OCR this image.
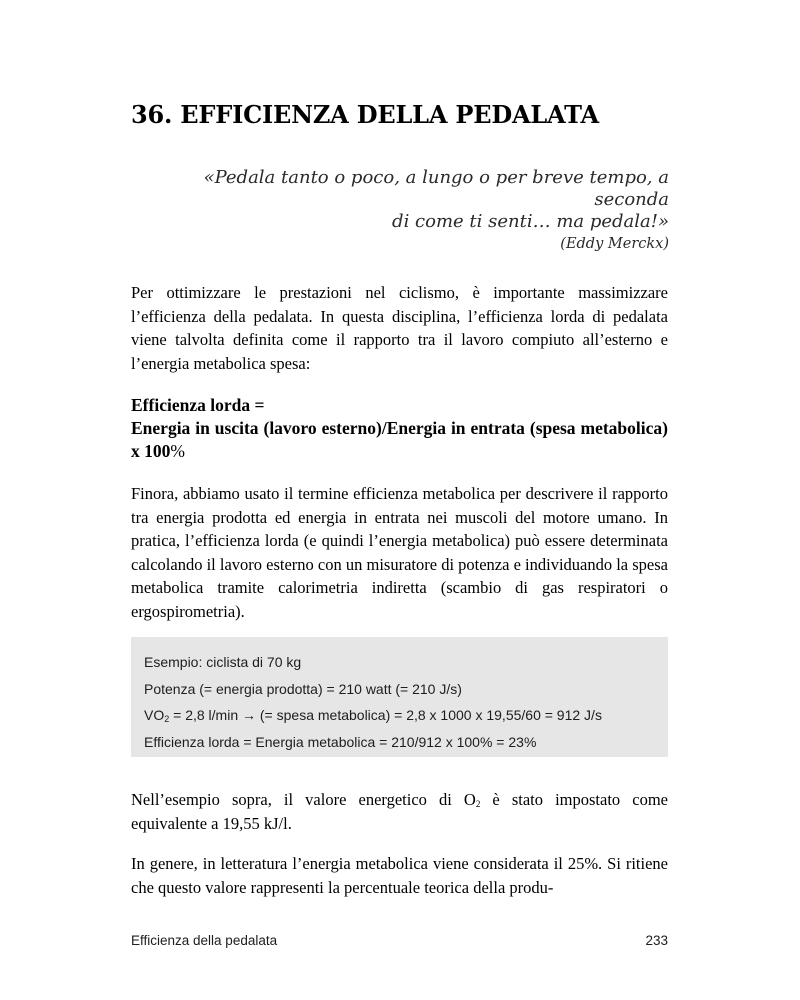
36. EFFICIENZA DELLA PEDALATA
«Pedala tanto o poco, a lungo o per breve tempo, a seconda
di come ti senti… ma pedala!»
(Eddy Merckx)

Per ottimizzare le prestazioni nel ciclismo, è importante massimizzare l’efficienza della pedalata. In questa disciplina, l’efficienza lorda di pedalata viene talvolta definita come il rapporto tra il lavoro compiuto all’esterno e l’energia metabolica spesa:

Efficienza lorda =
Energia in uscita (lavoro esterno)/Energia in entrata (spesa metabolica) x 100%

Finora, abbiamo usato il termine efficienza metabolica per descrivere il rapporto tra energia prodotta ed energia in entrata nei muscoli del motore umano. In pratica, l’efficienza lorda (e quindi l’energia metabolica) può essere determinata calcolando il lavoro esterno con un misuratore di potenza e individuando la spesa metabolica tramite calorimetria indiretta (scambio di gas respiratori o ergospirometria).

Esempio: ciclista di 70 kg
Potenza (= energia prodotta) = 210 watt (= 210 J/s)
$VO_2 = 2,8$ l/min → (= spesa metabolica) = 2,8 x 1000 x 19,55/60 = 912 J/s
Efficienza lorda = Energia metabolica = 210/912 x 100% = 23%

Nell’esempio sopra, il valore energetico di $O_2$ è stato impostato come equivalente a 19,55 kJ/l.

In genere, in letteratura l’energia metabolica viene considerata il 25%. Si ritiene che questo valore rappresenti la percentuale teorica della produ-

Efficienza della pedalata	233
